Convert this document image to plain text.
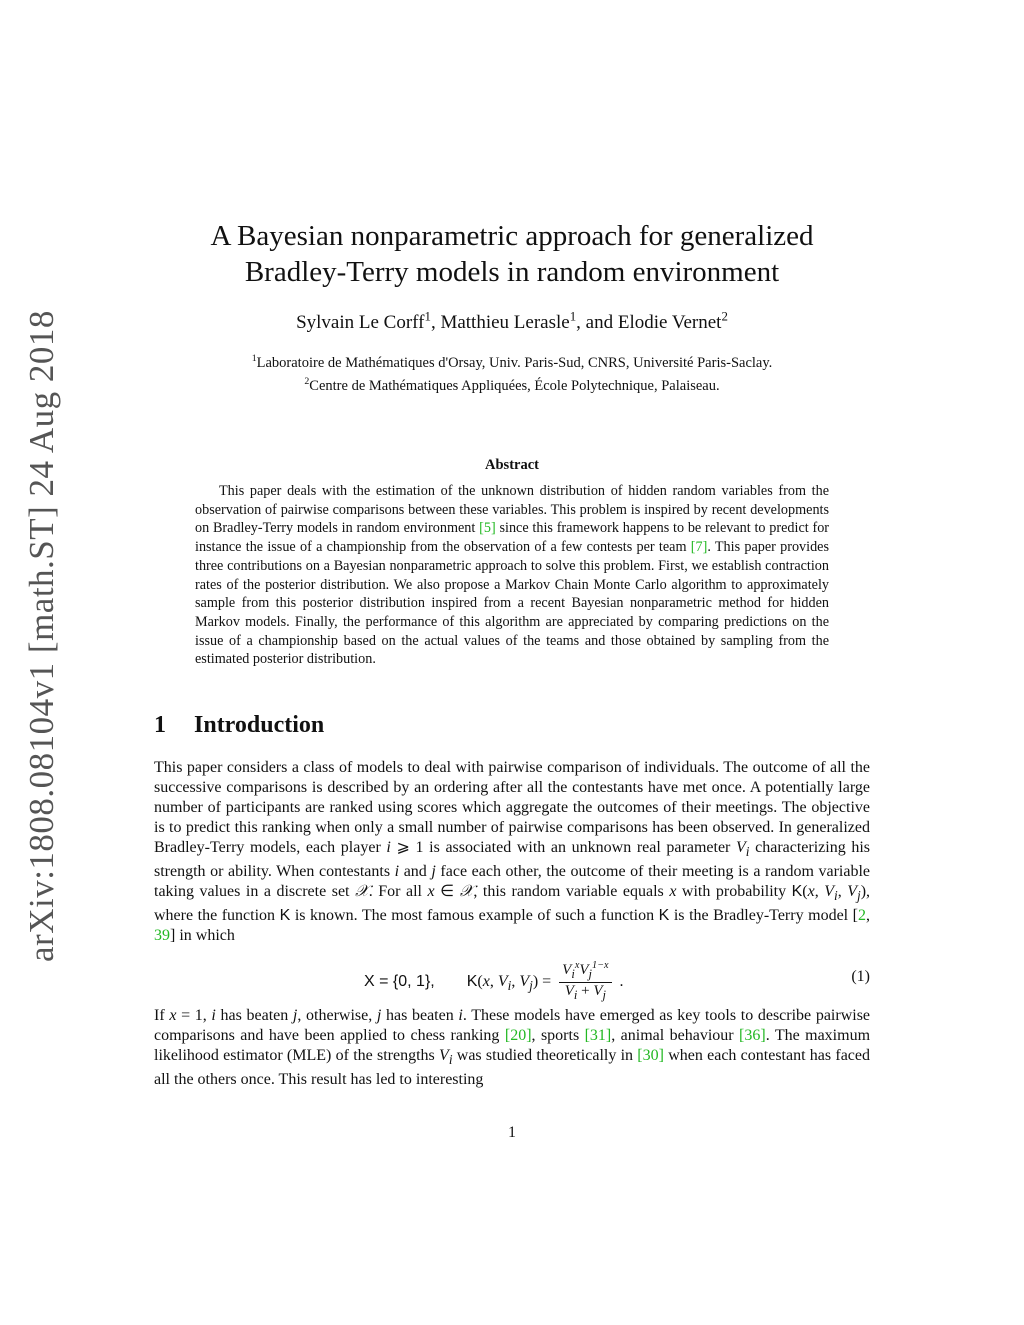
arXiv:1808.08104v1 [math.ST] 24 Aug 2018
A Bayesian nonparametric approach for generalized
Bradley-Terry models in random environment
Sylvain Le Corff$^1$, Matthieu Lerasle$^1$, and Elodie Vernet$^2$
$^1$Laboratoire de Mathématiques d'Orsay, Univ. Paris-Sud, CNRS, Université Paris-Saclay.
$^2$Centre de Mathématiques Appliquées, École Polytechnique, Palaiseau.
Abstract
This paper deals with the estimation of the unknown distribution of hidden random variables from the observation of pairwise comparisons between these variables. This problem is inspired by recent developments on Bradley-Terry models in random environment [5] since this framework happens to be relevant to predict for instance the issue of a championship from the observation of a few contests per team [7]. This paper provides three contributions on a Bayesian nonparametric approach to solve this problem. First, we establish contraction rates of the posterior distribution. We also propose a Markov Chain Monte Carlo algorithm to approximately sample from this posterior distribution inspired from a recent Bayesian nonparametric method for hidden Markov models. Finally, the performance of this algorithm are appreciated by comparing predictions on the issue of a championship based on the actual values of the teams and those obtained by sampling from the estimated posterior distribution.
1 Introduction
This paper considers a class of models to deal with pairwise comparison of individuals. The outcome of all the successive comparisons is described by an ordering after all the contestants have met once. A potentially large number of participants are ranked using scores which aggregate the outcomes of their meetings. The objective is to predict this ranking when only a small number of pairwise comparisons has been observed. In generalized Bradley-Terry models, each player i ⩾ 1 is associated with an unknown real parameter $V_i$ characterizing his strength or ability. When contestants i and j face each other, the outcome of their meeting is a random variable taking values in a discrete set 𝒳. For all x ∈ 𝒳, this random variable equals x with probability K(x, $V_i$, $V_j$), where the function K is known. The most famous example of such a function K is the Bradley-Terry model [2, 39] in which
X = {0, 1}, K(x, $V_i$, $V_j) = \frac{V_i^xV_j^{1-x}}{V_i + V_j}$ .	(1)
If x = 1, i has beaten j, otherwise, j has beaten i. These models have emerged as key tools to describe pairwise comparisons and have been applied to chess ranking [20], sports [31], animal behaviour [36]. The maximum likelihood estimator (MLE) of the strengths $V_i$ was studied theoretically in [30] when each contestant has faced all the others once. This result has led to interesting
1
